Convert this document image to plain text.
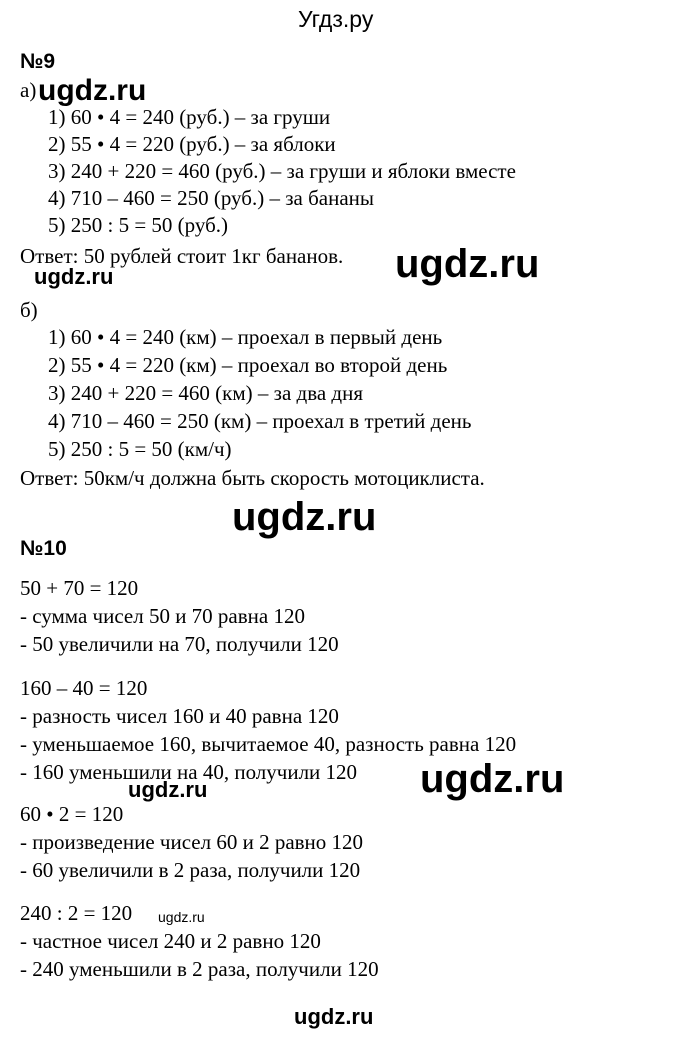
Угдз.ру
№9
а) ugdz.ru
1) 60 • 4 = 240 (руб.) – за груши
2) 55 • 4 = 220 (руб.) – за яблоки
3) 240 + 220 = 460 (руб.) – за груши и яблоки вместе
4) 710 – 460 = 250 (руб.) – за бананы
5) 250 : 5 = 50 (руб.)
Ответ: 50 рублей стоит 1кг бананов. ugdz.ru
ugdz.ru
б)
1) 60 • 4 = 240 (км) – проехал в первый день
2) 55 • 4 = 220 (км) – проехал во второй день
3) 240 + 220 = 460 (км) – за два дня
4) 710 – 460 = 250 (км) – проехал в третий день
5) 250 : 5 = 50 (км/ч)
Ответ: 50км/ч должна быть скорость мотоциклиста.
ugdz.ru
№10
50 + 70 = 120
- сумма чисел 50 и 70 равна 120
- 50 увеличили на 70, получили 120
160 – 40 = 120
- разность чисел 160 и 40 равна 120
- уменьшаемое 160, вычитаемое 40, разность равна 120
- 160 уменьшили на 40, получили 120 ugdz.ru
ugdz.ru
60 • 2 = 120
- произведение чисел 60 и 2 равно 120
- 60 увеличили в 2 раза, получили 120
240 : 2 = 120 ugdz.ru
- частное чисел 240 и 2 равно 120
- 240 уменьшили в 2 раза, получили 120
ugdz.ru
